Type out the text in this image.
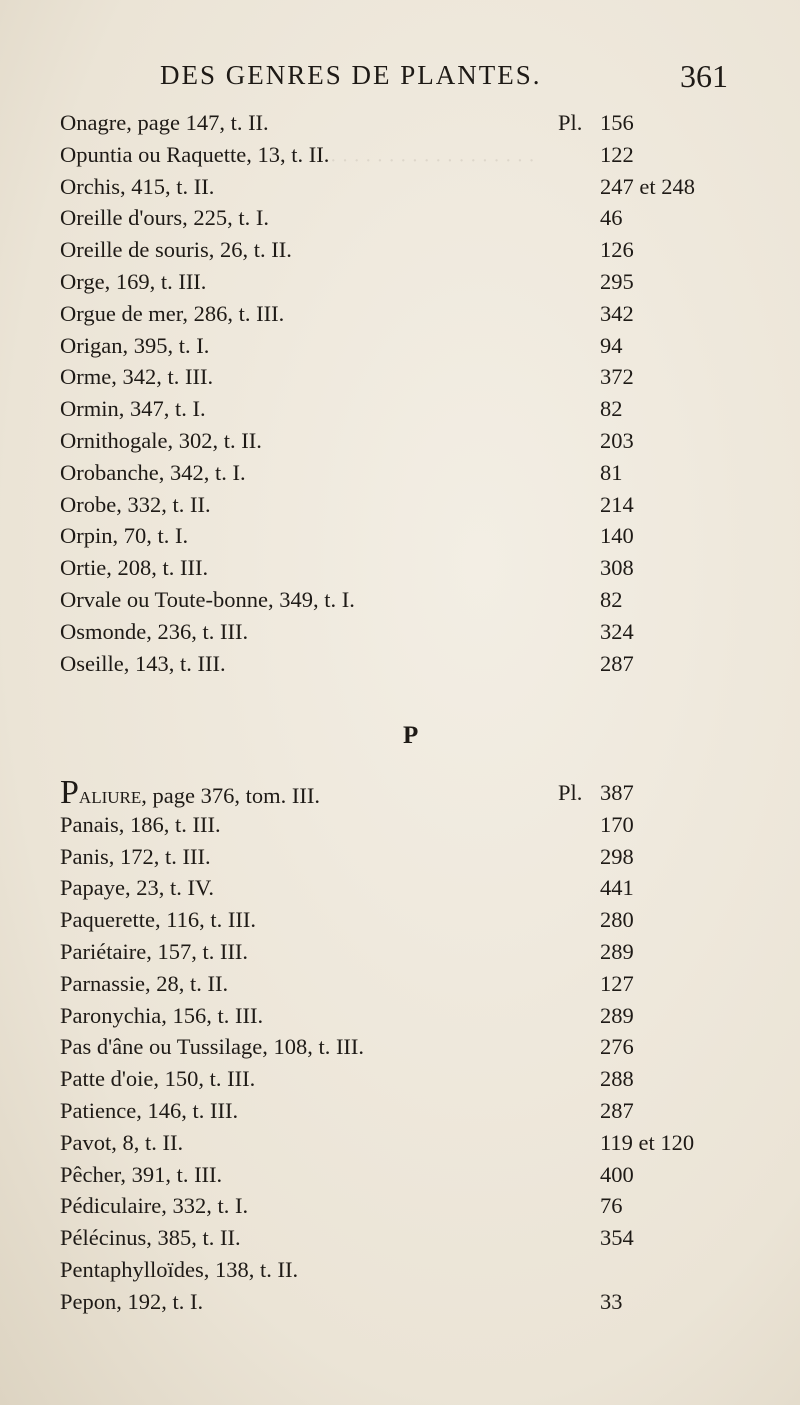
· · · · · · · · · · · · · · · · · ·
DES GENRES DE PLANTES.	361
Onagre, page 147, t. II.	Pl. 156
Opuntia ou Raquette, 13, t. II.	122
Orchis, 415, t. II.	247 et 248
Oreille d'ours, 225, t. I.	46
Oreille de souris, 26, t. II.	126
Orge, 169, t. III.	295
Orgue de mer, 286, t. III.	342
Origan, 395, t. I.	94
Orme, 342, t. III.	372
Ormin, 347, t. I.	82
Ornithogale, 302, t. II.	203
Orobanche, 342, t. I.	81
Orobe, 332, t. II.	214
Orpin, 70, t. I.	140
Ortie, 208, t. III.	308
Orvale ou Toute-bonne, 349, t. I.	82
Osmonde, 236, t. III.	324
Oseille, 143, t. III.	287
P
PALIURE, page 376, tom. III.	Pl. 387
Panais, 186, t. III.	170
Panis, 172, t. III.	298
Papaye, 23, t. IV.	441
Paquerette, 116, t. III.	280
Pariétaire, 157, t. III.	289
Parnassie, 28, t. II.	127
Paronychia, 156, t. III.	289
Pas d'âne ou Tussilage, 108, t. III.	276
Patte d'oie, 150, t. III.	288
Patience, 146, t. III.	287
Pavot, 8, t. II.	119 et 120
Pêcher, 391, t. III.	400
Pédiculaire, 332, t. I.	76
Pélécinus, 385, t. II.	354
Pentaphylloïdes, 138, t. II.
Pepon, 192, t. I.	33
